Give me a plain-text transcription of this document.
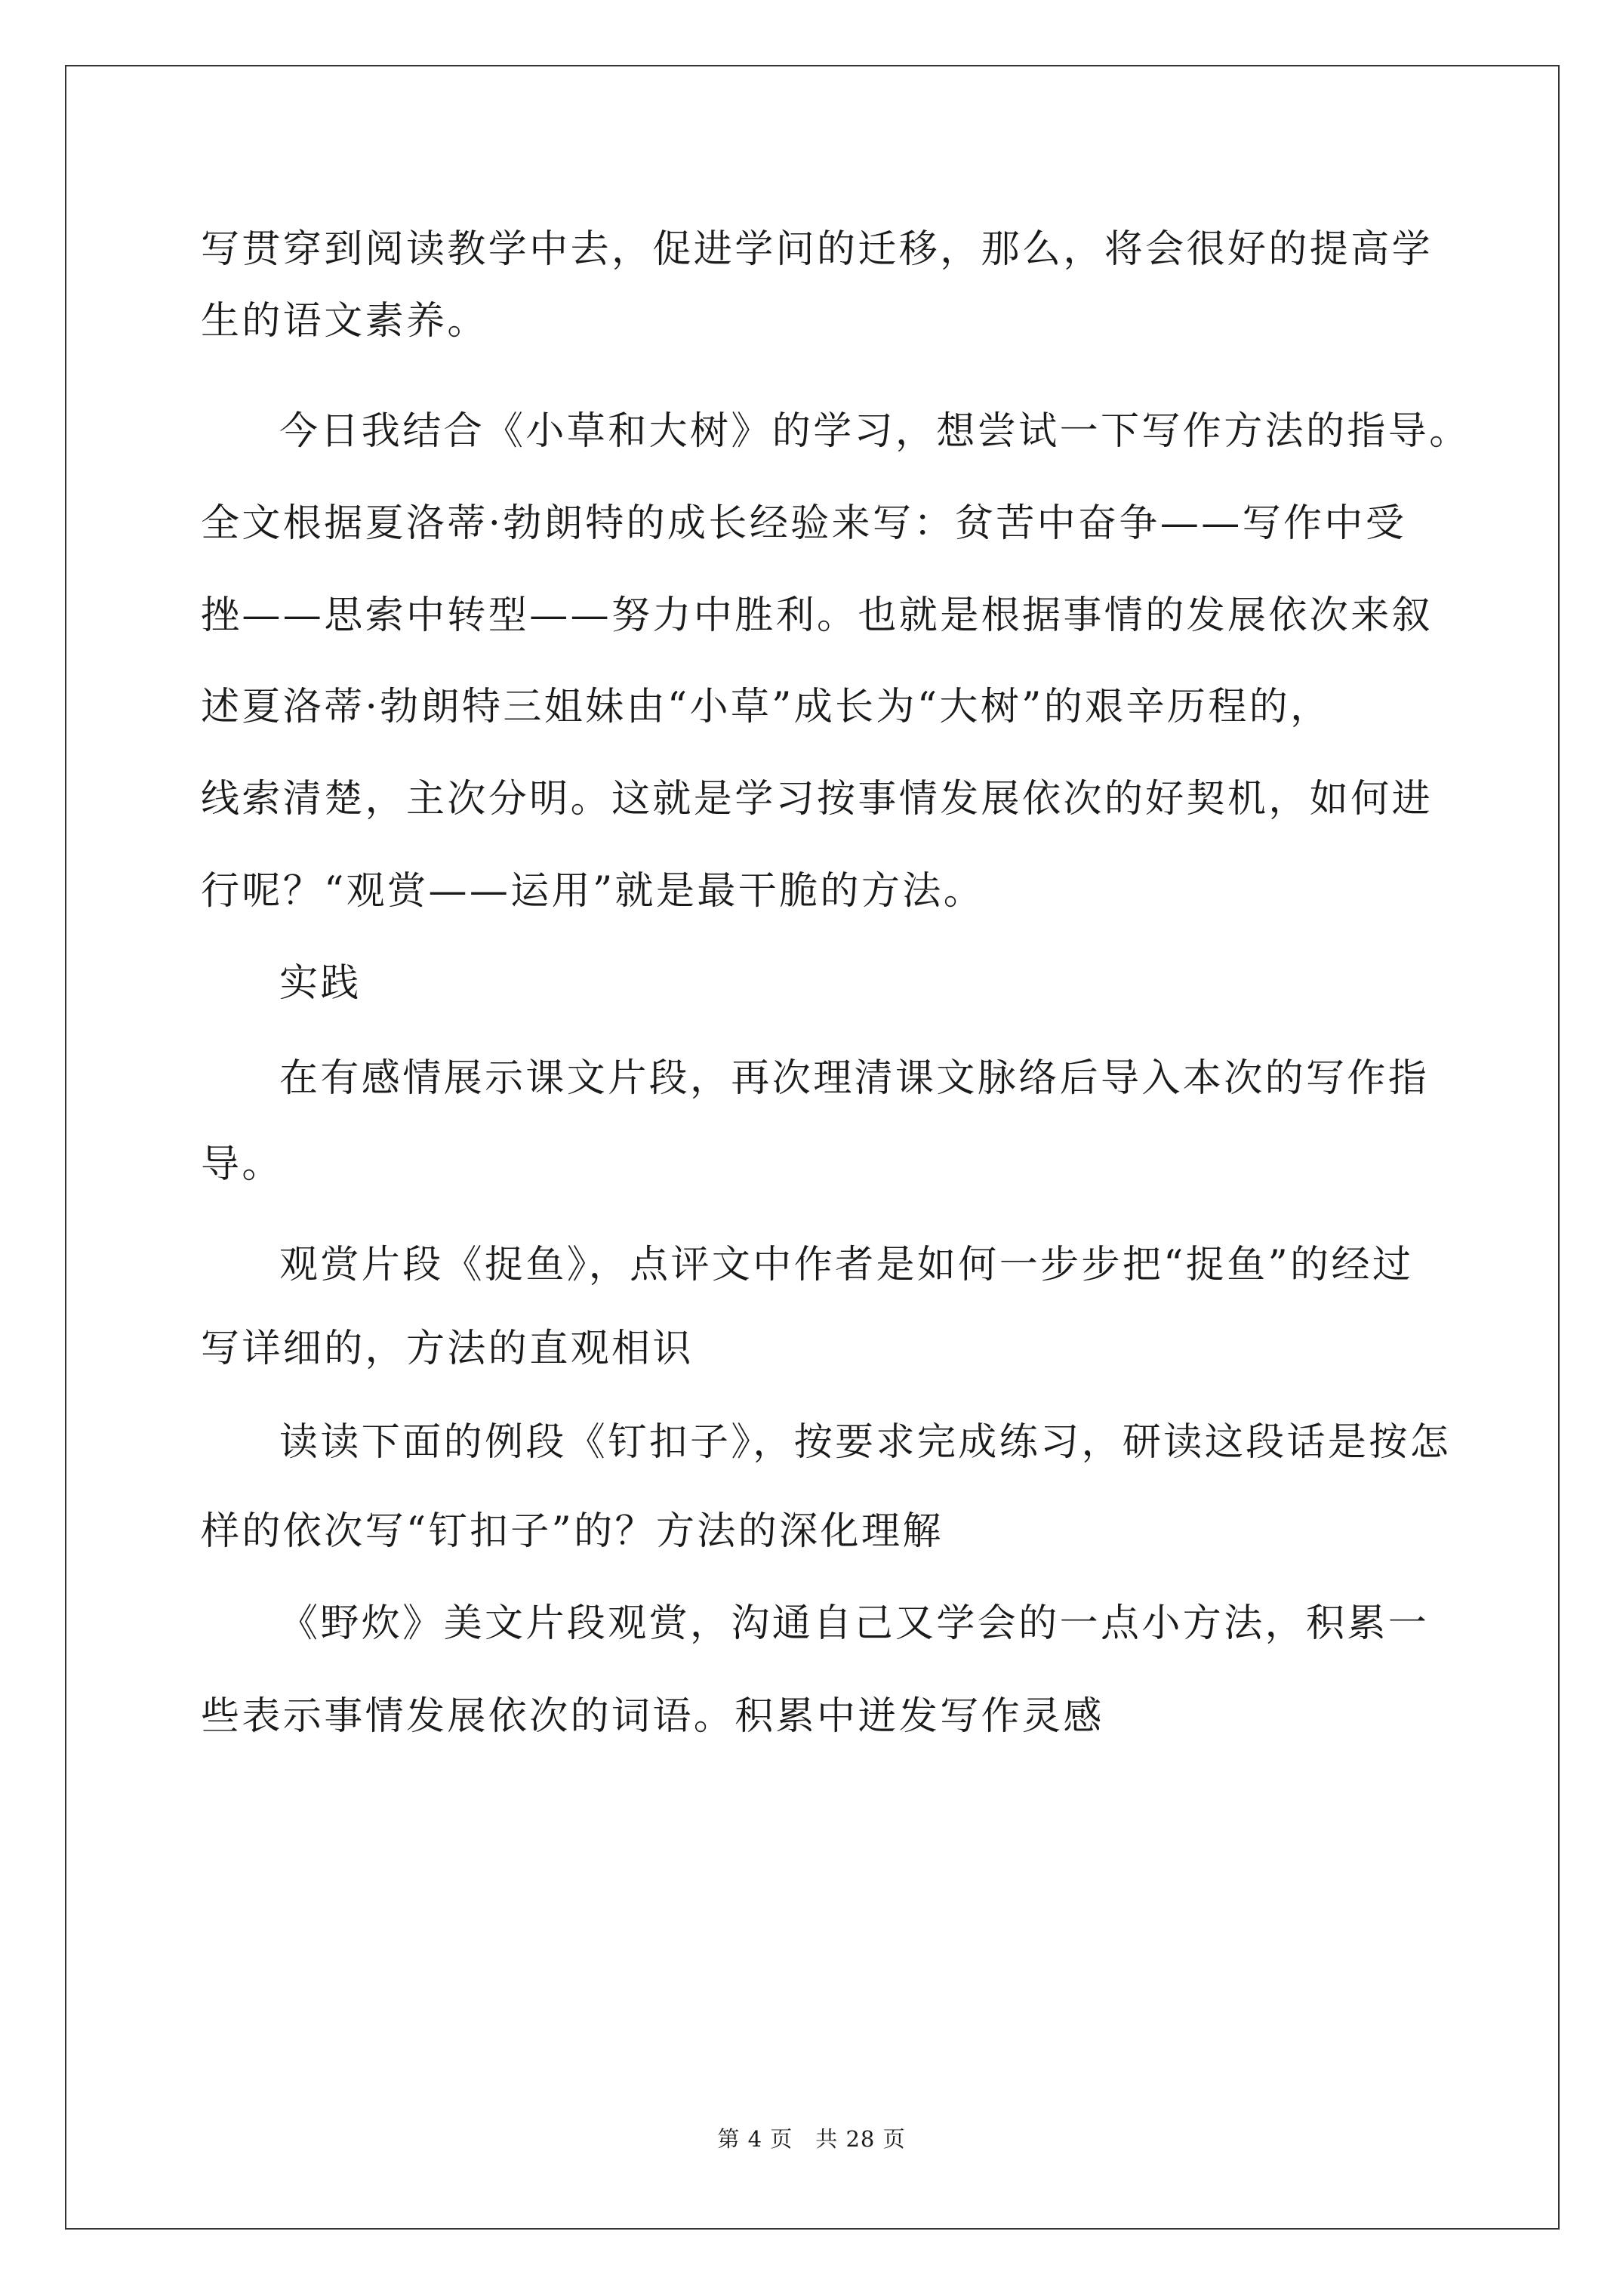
写贯穿到阅读教学中去，促进学问的迁移，那么，将会很好的提高学
生的语文素养。
今日我结合《小草和大树》的学习，想尝试一下写作方法的指导。
全文根据夏洛蒂·勃朗特的成长经验来写：贫苦中奋争——写作中受
挫——思索中转型——努力中胜利。也就是根据事情的发展依次来叙
述夏洛蒂·勃朗特三姐妹由“小草”成长为“大树”的艰辛历程的，
线索清楚，主次分明。这就是学习按事情发展依次的好契机，如何进
行呢？“观赏——运用”就是最干脆的方法。
实践
在有感情展示课文片段，再次理清课文脉络后导入本次的写作指
导。
观赏片段《捉鱼》，点评文中作者是如何一步步把“捉鱼”的经过
写详细的，方法的直观相识
读读下面的例段《钉扣子》，按要求完成练习，研读这段话是按怎
样的依次写“钉扣子”的？方法的深化理解
《野炊》美文片段观赏，沟通自己又学会的一点小方法，积累一
些表示事情发展依次的词语。积累中迸发写作灵感
第 4 页　共 28 页
